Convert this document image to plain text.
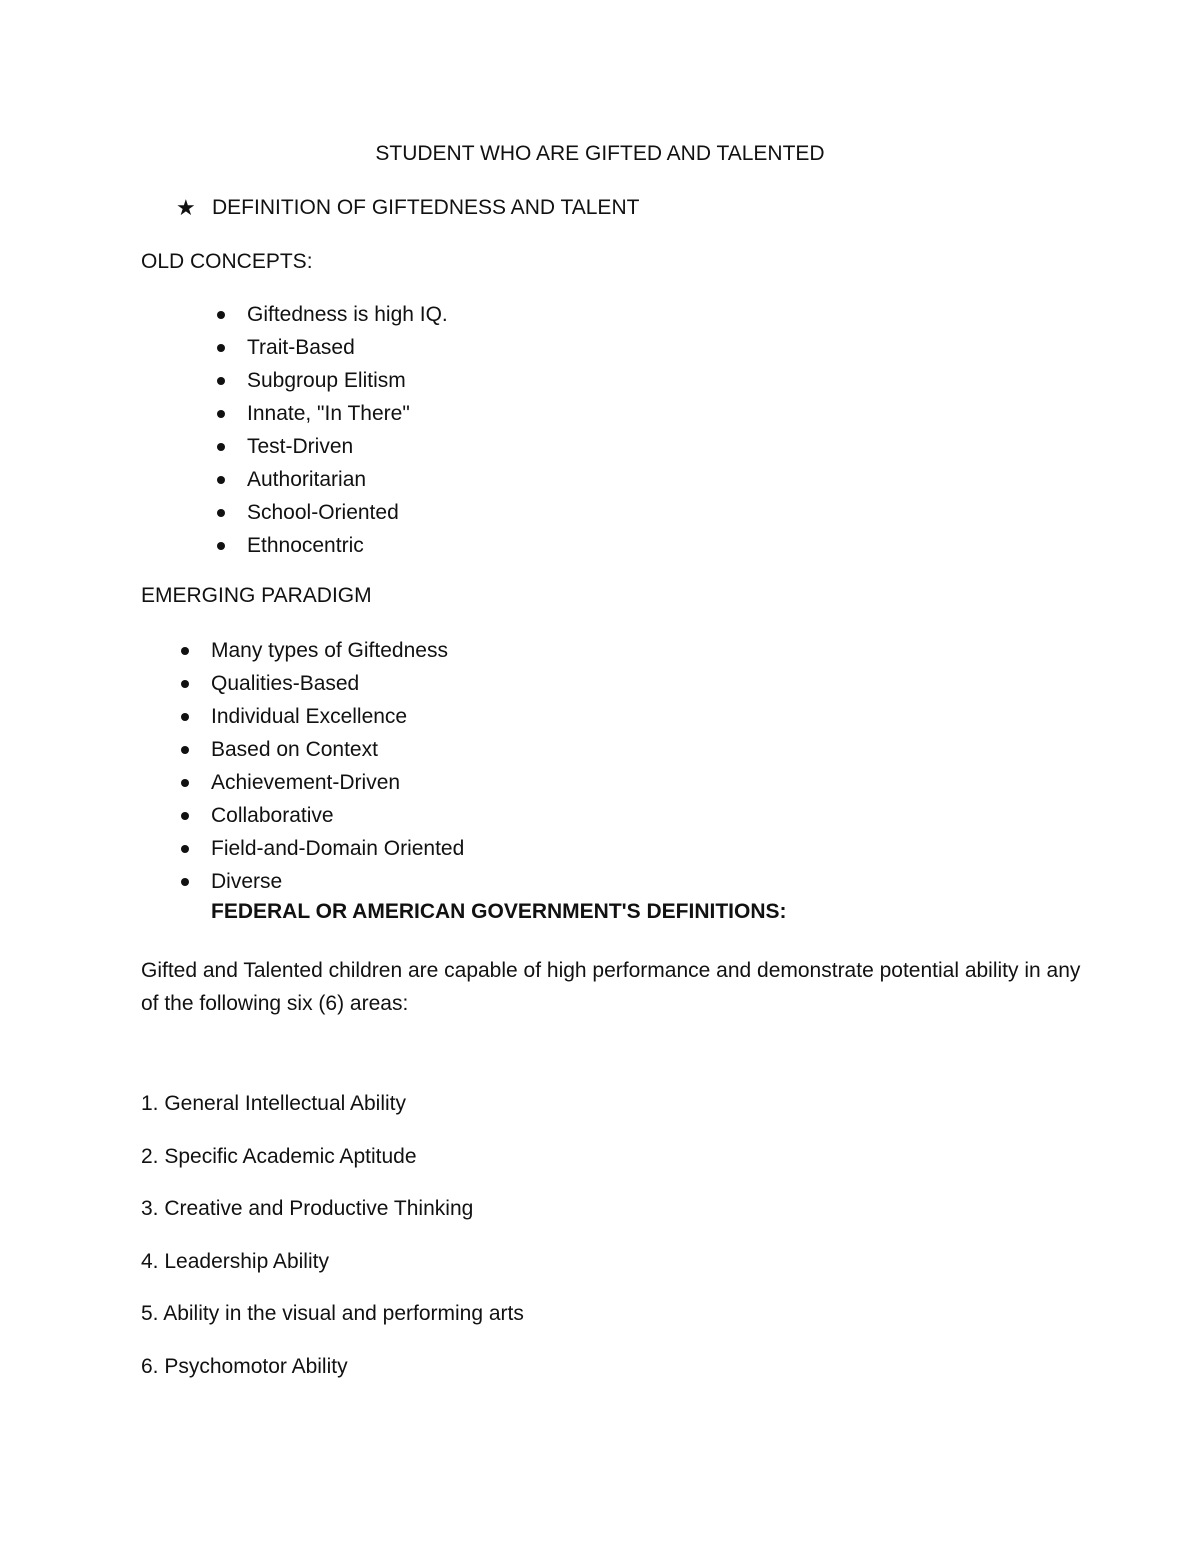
STUDENT WHO ARE GIFTED AND TALENTED
★ DEFINITION OF GIFTEDNESS AND TALENT
OLD CONCEPTS:
Giftedness is high IQ.
Trait-Based
Subgroup Elitism
Innate, "In There"
Test-Driven
Authoritarian
School-Oriented
Ethnocentric
EMERGING PARADIGM
Many types of Giftedness
Qualities-Based
Individual Excellence
Based on Context
Achievement-Driven
Collaborative
Field-and-Domain Oriented
Diverse
FEDERAL OR AMERICAN GOVERNMENT'S DEFINITIONS:
Gifted and Talented children are capable of high performance and demonstrate potential ability in any of the following six (6) areas:
1. General Intellectual Ability
2. Specific Academic Aptitude
3. Creative and Productive Thinking
4. Leadership Ability
5. Ability in the visual and performing arts
6. Psychomotor Ability
